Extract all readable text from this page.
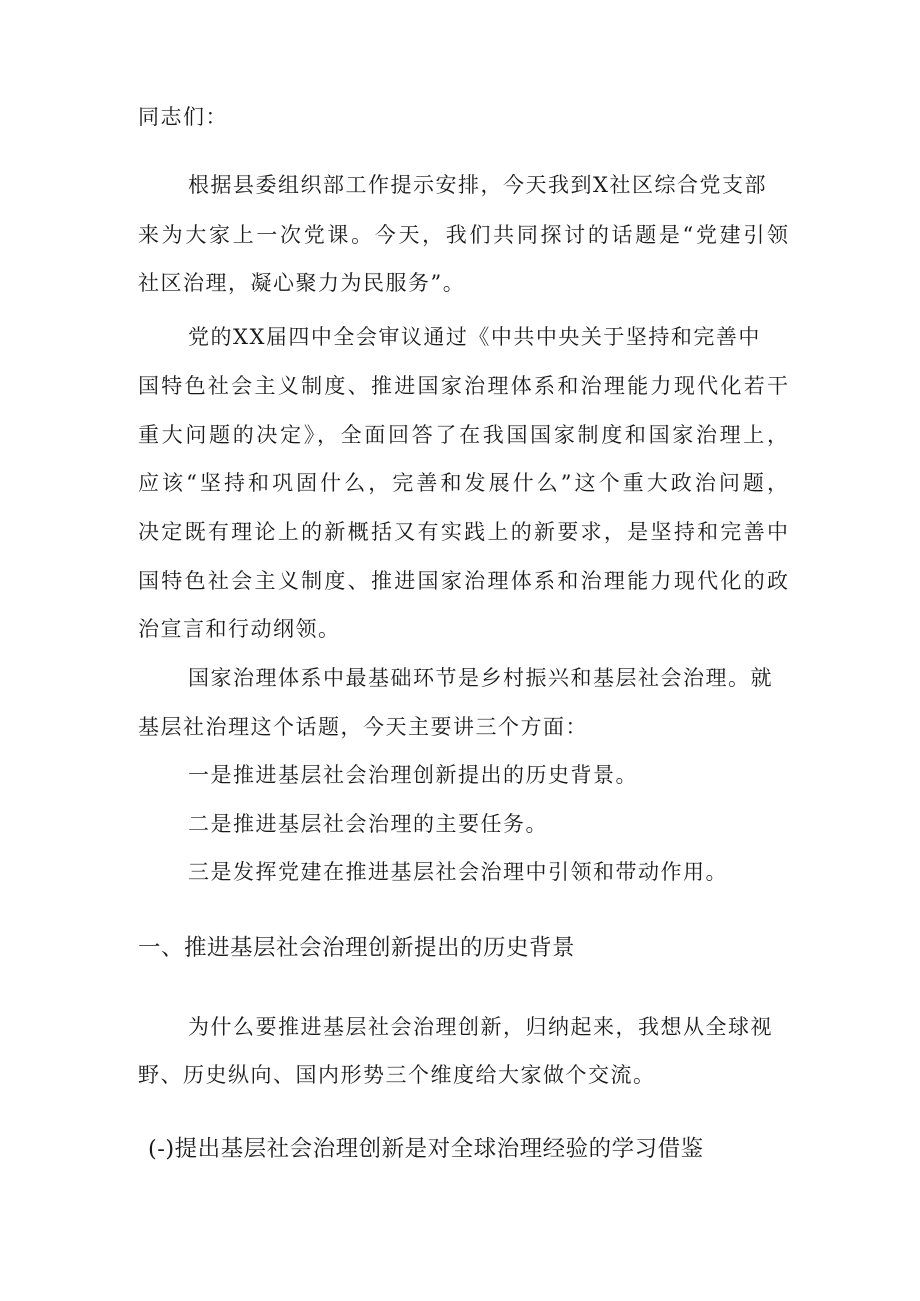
同志们：
根据县委组织部工作提示安排，今天我到X社区综合党支部
来为大家上一次党课。今天，我们共同探讨的话题是“党建引领
社区治理，凝心聚力为民服务”。
党的XX届四中全会审议通过《中共中央关于坚持和完善中
国特色社会主义制度、推进国家治理体系和治理能力现代化若干
重大问题的决定》，全面回答了在我国国家制度和国家治理上，
应该“坚持和巩固什么，完善和发展什么”这个重大政治问题，
决定既有理论上的新概括又有实践上的新要求，是坚持和完善中
国特色社会主义制度、推进国家治理体系和治理能力现代化的政
治宣言和行动纲领。
国家治理体系中最基础环节是乡村振兴和基层社会治理。就
基层社治理这个话题，今天主要讲三个方面：
一是推进基层社会治理创新提出的历史背景。
二是推进基层社会治理的主要任务。
三是发挥党建在推进基层社会治理中引领和带动作用。
一、推进基层社会治理创新提出的历史背景
为什么要推进基层社会治理创新，归纳起来，我想从全球视
野、历史纵向、国内形势三个维度给大家做个交流。
(-)提出基层社会治理创新是对全球治理经验的学习借鉴
